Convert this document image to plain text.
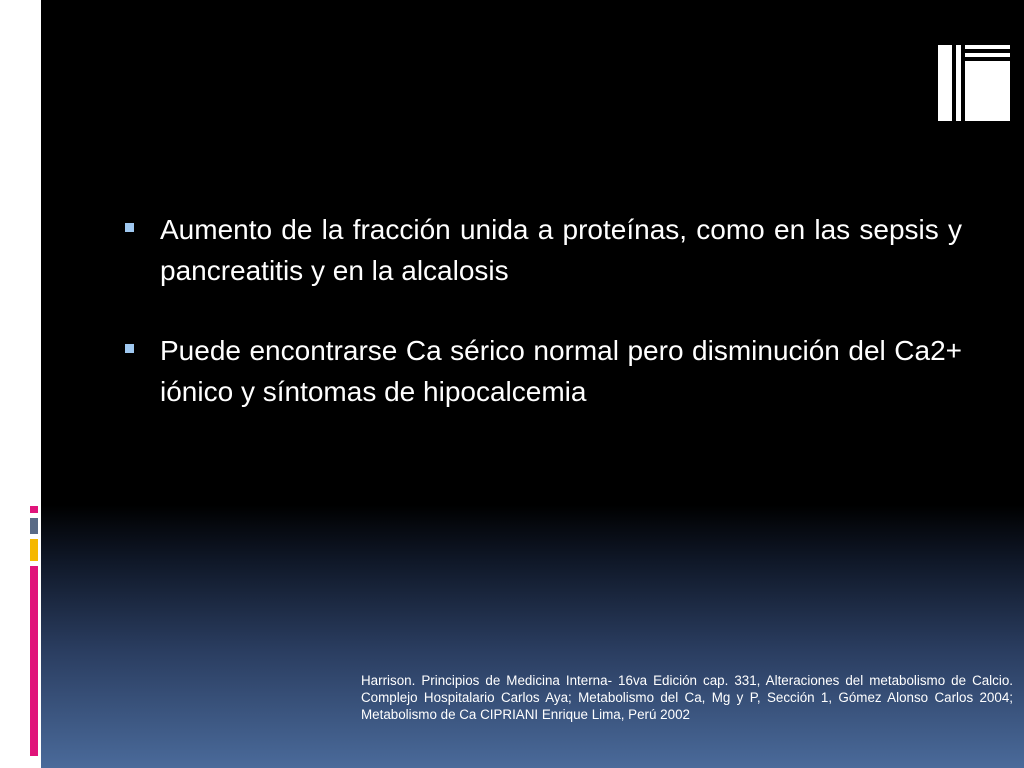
Aumento de la fracción unida a proteínas, como en las sepsis y pancreatitis y en la alcalosis
Puede encontrarse Ca sérico normal pero disminución del Ca2+ iónico y síntomas de hipocalcemia
Harrison. Principios de Medicina Interna- 16va Edición cap. 331, Alteraciones del metabolismo de Calcio. Complejo Hospitalario Carlos Aya; Metabolismo del Ca, Mg y P, Sección 1, Gómez Alonso Carlos 2004; Metabolismo de Ca CIPRIANI Enrique Lima, Perú 2002
